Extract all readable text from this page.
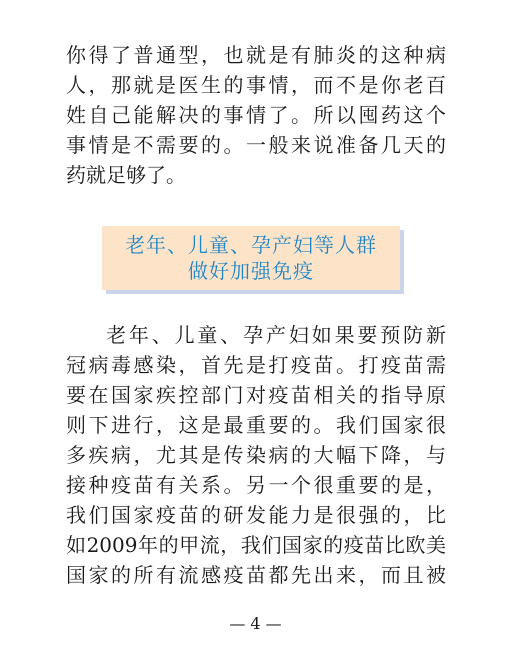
你得了普通型，也就是有肺炎的这种病
人，那就是医生的事情，而不是你老百
姓自己能解决的事情了。所以囤药这个
事情是不需要的。一般来说准备几天的
药就足够了。
老年、儿童、孕产妇等人群
做好加强免疫
老年、儿童、孕产妇如果要预防新
冠病毒感染，首先是打疫苗。打疫苗需
要在国家疾控部门对疫苗相关的指导原
则下进行，这是最重要的。我们国家很
多疾病，尤其是传染病的大幅下降，与
接种疫苗有关系。另一个很重要的是，
我们国家疫苗的研发能力是很强的，比
如2009年的甲流，我们国家的疫苗比欧美
国家的所有流感疫苗都先出来，而且被
— 4 —
